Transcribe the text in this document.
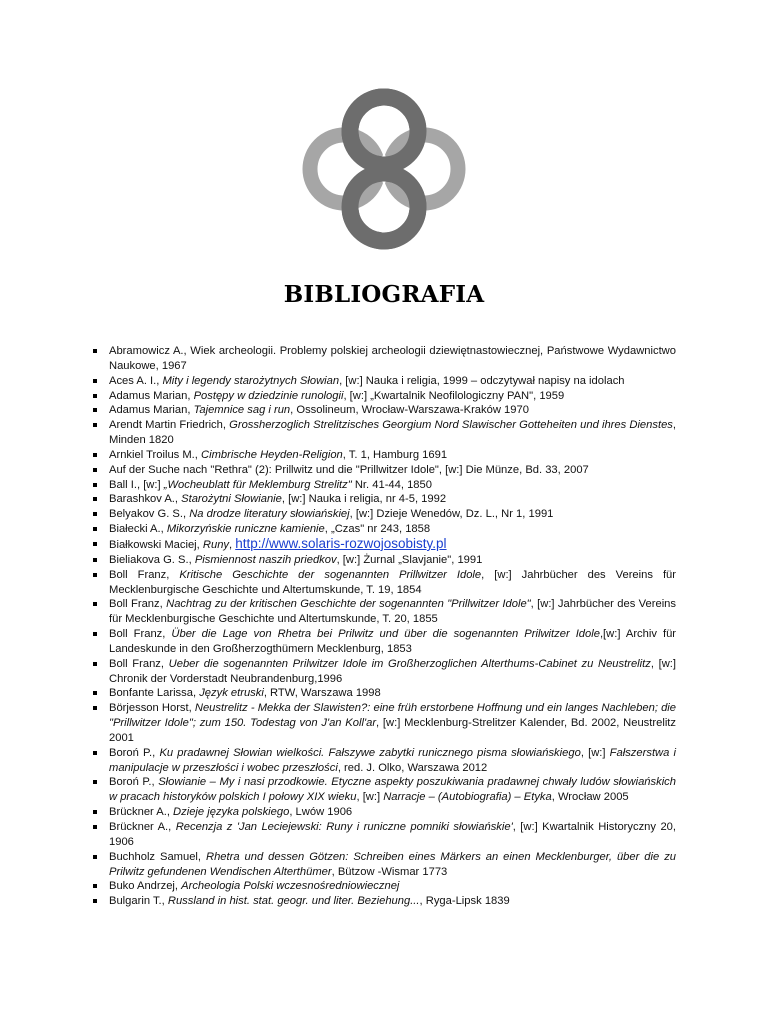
BIBLIOGRAFIA
Abramowicz A., Wiek archeologii. Problemy polskiej archeologii dziewiętnastowiecznej, Państwowe Wydawnictwo Naukowe, 1967
Aces A. I., Mity i legendy starożytnych Słowian, [w:] Nauka i religia, 1999 – odczytywał napisy na idolach
Adamus Marian, Postępy w dziedzinie runologii, [w:] „Kwartalnik Neofilologiczny PAN", 1959
Adamus Marian, Tajemnice sag i run, Ossolineum, Wrocław-Warszawa-Kraków 1970
Arendt Martin Friedrich, Grossherzoglich Strelitzisches Georgium Nord Slawischer Gotteheiten und ihres Dienstes, Minden 1820
Arnkiel Troilus M., Cimbrische Heyden-Religion, T. 1, Hamburg 1691
Auf der Suche nach "Rethra" (2): Prillwitz und die "Prillwitzer Idole", [w:] Die Münze, Bd. 33, 2007
Ball I., [w:] „Wocheublatt für Meklemburg Strelitz" Nr. 41-44, 1850
Barashkov A., Starożytni Słowianie, [w:] Nauka i religia, nr 4-5, 1992
Belyakov G. S., Na drodze literatury słowiańskiej, [w:] Dzieje Wenedów, Dz. L., Nr 1, 1991
Białecki A., Mikorzyńskie runiczne kamienie, „Czas" nr 243, 1858
Białkowski Maciej, Runy, http://www.solaris-rozwojosobisty.pl
Bieliakova G. S., Pismiennost naszih priedkov, [w:] Żurnal „Slavjanie", 1991
Boll Franz, Kritische Geschichte der sogenannten Prillwitzer Idole, [w:] Jahrbücher des Vereins für Mecklenburgische Geschichte und Altertumskunde, T. 19, 1854
Boll Franz, Nachtrag zu der kritischen Geschichte der sogenannten "Prillwitzer Idole", [w:] Jahrbücher des Vereins für Mecklenburgische Geschichte und Altertumskunde, T. 20, 1855
Boll Franz, Über die Lage von Rhetra bei Prilwitz und über die sogenannten Prilwitzer Idole,[w:] Archiv für Landeskunde in den Großherzogthümern Mecklenburg, 1853
Boll Franz, Ueber die sogenannten Prilwitzer Idole im Großherzoglichen Alterthums-Cabinet zu Neustrelitz, [w:] Chronik der Vorderstadt Neubrandenburg,1996
Bonfante Larissa, Język etruski, RTW, Warszawa 1998
Börjesson Horst, Neustrelitz - Mekka der Slawisten?: eine früh erstorbene Hoffnung und ein langes Nachleben; die "Prillwitzer Idole"; zum 150. Todestag von J'an Koll'ar, [w:] Mecklenburg-Strelitzer Kalender, Bd. 2002, Neustrelitz 2001
Boroń P., Ku pradawnej Słowian wielkości. Fałszywe zabytki runicznego pisma słowiańskiego, [w:] Fałszerstwa i manipulacje w przeszłości i wobec przeszłości, red. J. Olko, Warszawa 2012
Boroń P., Słowianie – My i nasi przodkowie. Etyczne aspekty poszukiwania pradawnej chwały ludów słowiańskich w pracach historyków polskich I połowy XIX wieku, [w:] Narracje – (Autobiografia) – Etyka, Wrocław 2005
Brückner A., Dzieje języka polskiego, Lwów 1906
Brückner A., Recenzja z 'Jan Leciejewski: Runy i runiczne pomniki słowiańskie', [w:] Kwartalnik Historyczny 20, 1906
Buchholz Samuel, Rhetra und dessen Götzen: Schreiben eines Märkers an einen Mecklenburger, über die zu Prilwitz gefundenen Wendischen Alterthümer, Bützow -Wismar 1773
Buko Andrzej, Archeologia Polski wczesnośredniowiecznej
Bulgarin T., Russland in hist. stat. geogr. und liter. Beziehung..., Ryga-Lipsk 1839
